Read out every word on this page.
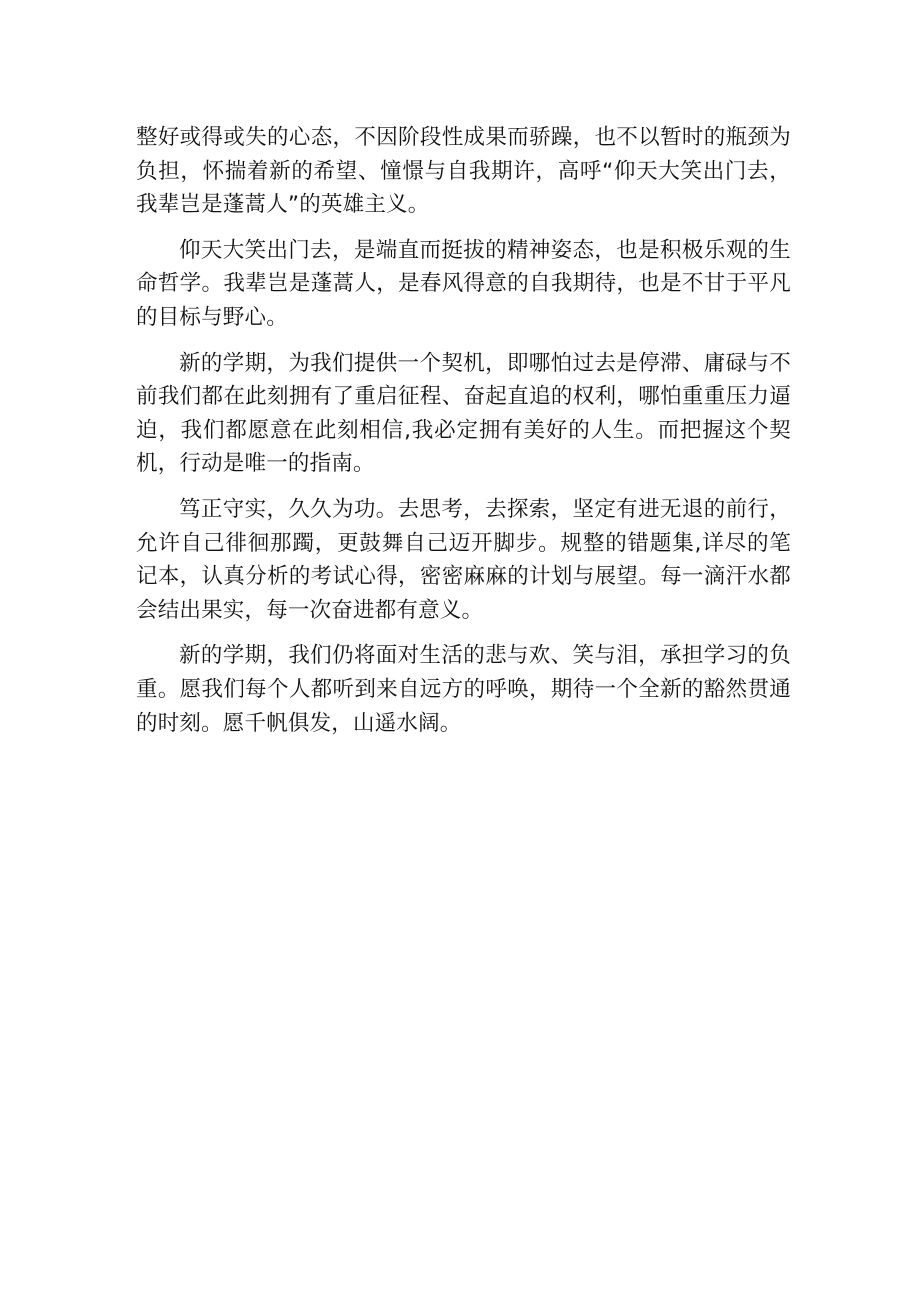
整好或得或失的心态，不因阶段性成果而骄躁，也不以暂时的瓶颈为负担，怀揣着新的希望、憧憬与自我期许，高呼“仰天大笑出门去，我辈岂是蓬蒿人”的英雄主义。

仰天大笑出门去，是端直而挺拔的精神姿态，也是积极乐观的生命哲学。我辈岂是蓬蒿人，是春风得意的自我期待，也是不甘于平凡的目标与野心。

新的学期，为我们提供一个契机，即哪怕过去是停滞、庸碌与不前我们都在此刻拥有了重启征程、奋起直追的权利，哪怕重重压力逼迫，我们都愿意在此刻相信,我必定拥有美好的人生。而把握这个契机，行动是唯一的指南。

笃正守实，久久为功。去思考，去探索，坚定有进无退的前行，允许自己徘徊那躅，更鼓舞自己迈开脚步。规整的错题集,详尽的笔记本，认真分析的考试心得，密密麻麻的计划与展望。每一滴汗水都会结出果实，每一次奋进都有意义。

新的学期，我们仍将面对生活的悲与欢、笑与泪，承担学习的负重。愿我们每个人都听到来自远方的呼唤，期待一个全新的豁然贯通的时刻。愿千帆俱发，山遥水阔。
